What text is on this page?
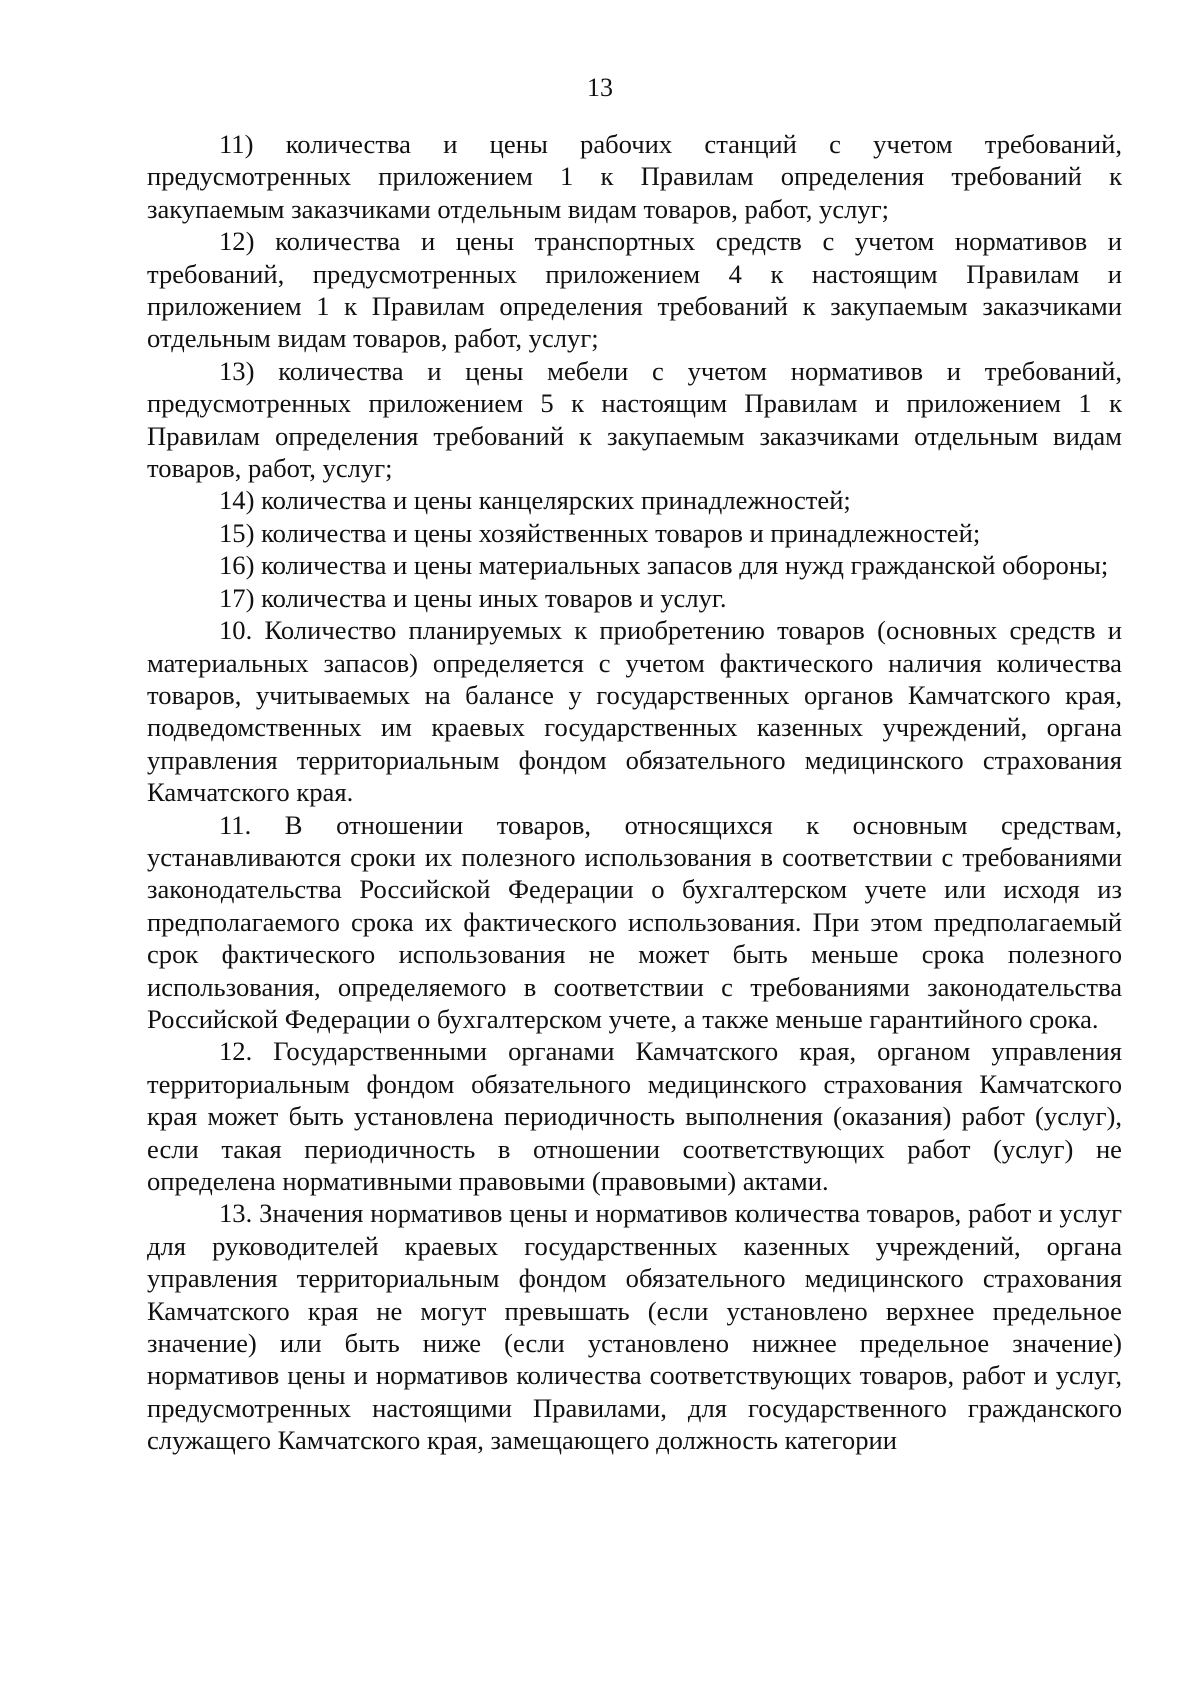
13

11) количества и цены рабочих станций с учетом требований, предусмотренных приложением 1 к Правилам определения требований к закупаемым заказчиками отдельным видам товаров, работ, услуг;

12) количества и цены транспортных средств с учетом нормативов и требований, предусмотренных приложением 4 к настоящим Правилам и приложением 1 к Правилам определения требований к закупаемым заказчиками отдельным видам товаров, работ, услуг;

13) количества и цены мебели с учетом нормативов и требований, предусмотренных приложением 5 к настоящим Правилам и приложением 1 к Правилам определения требований к закупаемым заказчиками отдельным видам товаров, работ, услуг;

14) количества и цены канцелярских принадлежностей;

15) количества и цены хозяйственных товаров и принадлежностей;

16) количества и цены материальных запасов для нужд гражданской обороны;

17) количества и цены иных товаров и услуг.

10. Количество планируемых к приобретению товаров (основных средств и материальных запасов) определяется с учетом фактического наличия количества товаров, учитываемых на балансе у государственных органов Камчатского края, подведомственных им краевых государственных казенных учреждений, органа управления территориальным фондом обязательного медицинского страхования Камчатского края.

11. В отношении товаров, относящихся к основным средствам, устанавливаются сроки их полезного использования в соответствии с требованиями законодательства Российской Федерации о бухгалтерском учете или исходя из предполагаемого срока их фактического использования. При этом предполагаемый срок фактического использования не может быть меньше срока полезного использования, определяемого в соответствии с требованиями законодательства Российской Федерации о бухгалтерском учете, а также меньше гарантийного срока.

12. Государственными органами Камчатского края, органом управления территориальным фондом обязательного медицинского страхования Камчатского края может быть установлена периодичность выполнения (оказания) работ (услуг), если такая периодичность в отношении соответствующих работ (услуг) не определена нормативными правовыми (правовыми) актами.

13. Значения нормативов цены и нормативов количества товаров, работ и услуг для руководителей краевых государственных казенных учреждений, органа управления территориальным фондом обязательного медицинского страхования Камчатского края не могут превышать (если установлено верхнее предельное значение) или быть ниже (если установлено нижнее предельное значение) нормативов цены и нормативов количества соответствующих товаров, работ и услуг, предусмотренных настоящими Правилами, для государственного гражданского служащего Камчатского края, замещающего должность категории
